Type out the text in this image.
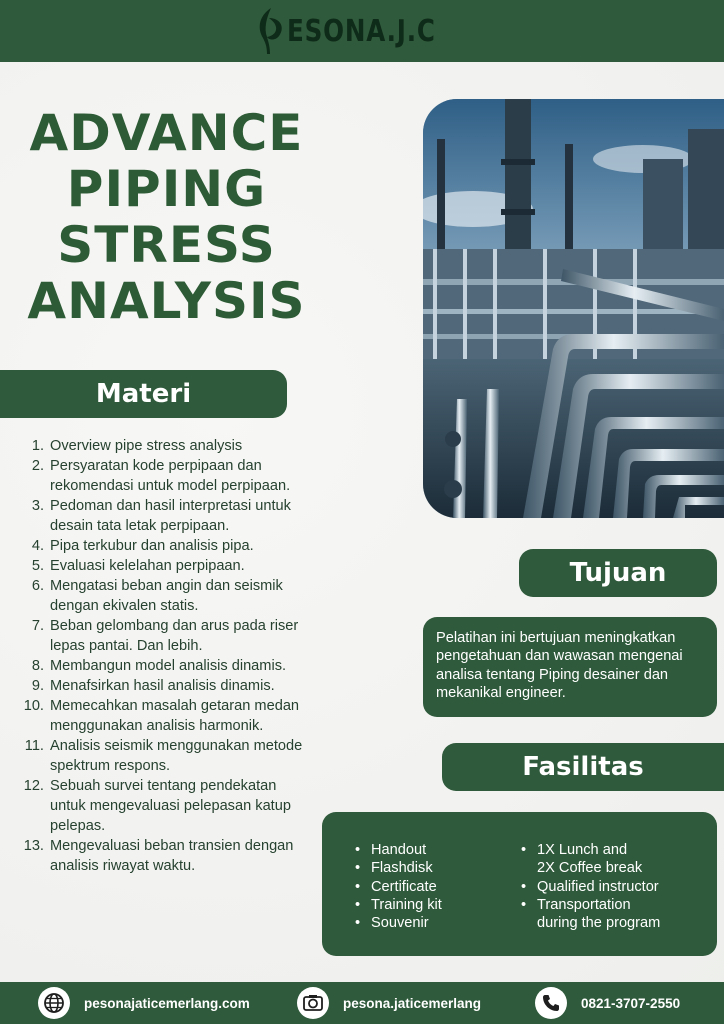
ESONA.J.C
ADVANCE
PIPING
STRESS
ANALYSIS
Materi
1. Overview pipe stress analysis
2. Persyaratan kode perpipaan dan rekomendasi untuk model perpipaan.
3. Pedoman dan hasil interpretasi untuk desain tata letak perpipaan.
4. Pipa terkubur dan analisis pipa.
5. Evaluasi kelelahan perpipaan.
6. Mengatasi beban angin dan seismik dengan ekivalen statis.
7. Beban gelombang dan arus pada riser lepas pantai. Dan lebih.
8. Membangun model analisis dinamis.
9. Menafsirkan hasil analisis dinamis.
10. Memecahkan masalah getaran medan menggunakan analisis harmonik.
11. Analisis seismik menggunakan metode spektrum respons.
12. Sebuah survei tentang pendekatan untuk mengevaluasi pelepasan katup pelepas.
13. Mengevaluasi beban transien dengan analisis riwayat waktu.
Tujuan
Pelatihan ini bertujuan meningkatkan pengetahuan dan wawasan mengenai analisa tentang Piping desainer dan mekanikal engineer.
Fasilitas
• Handout
• Flashdisk
• Certificate
• Training kit
• Souvenir
• 1X Lunch and
2X Coffee break
• Qualified instructor
• Transportation
during the program
pesonajaticemerlang.com	pesona.jaticemerlang	0821-3707-2550
